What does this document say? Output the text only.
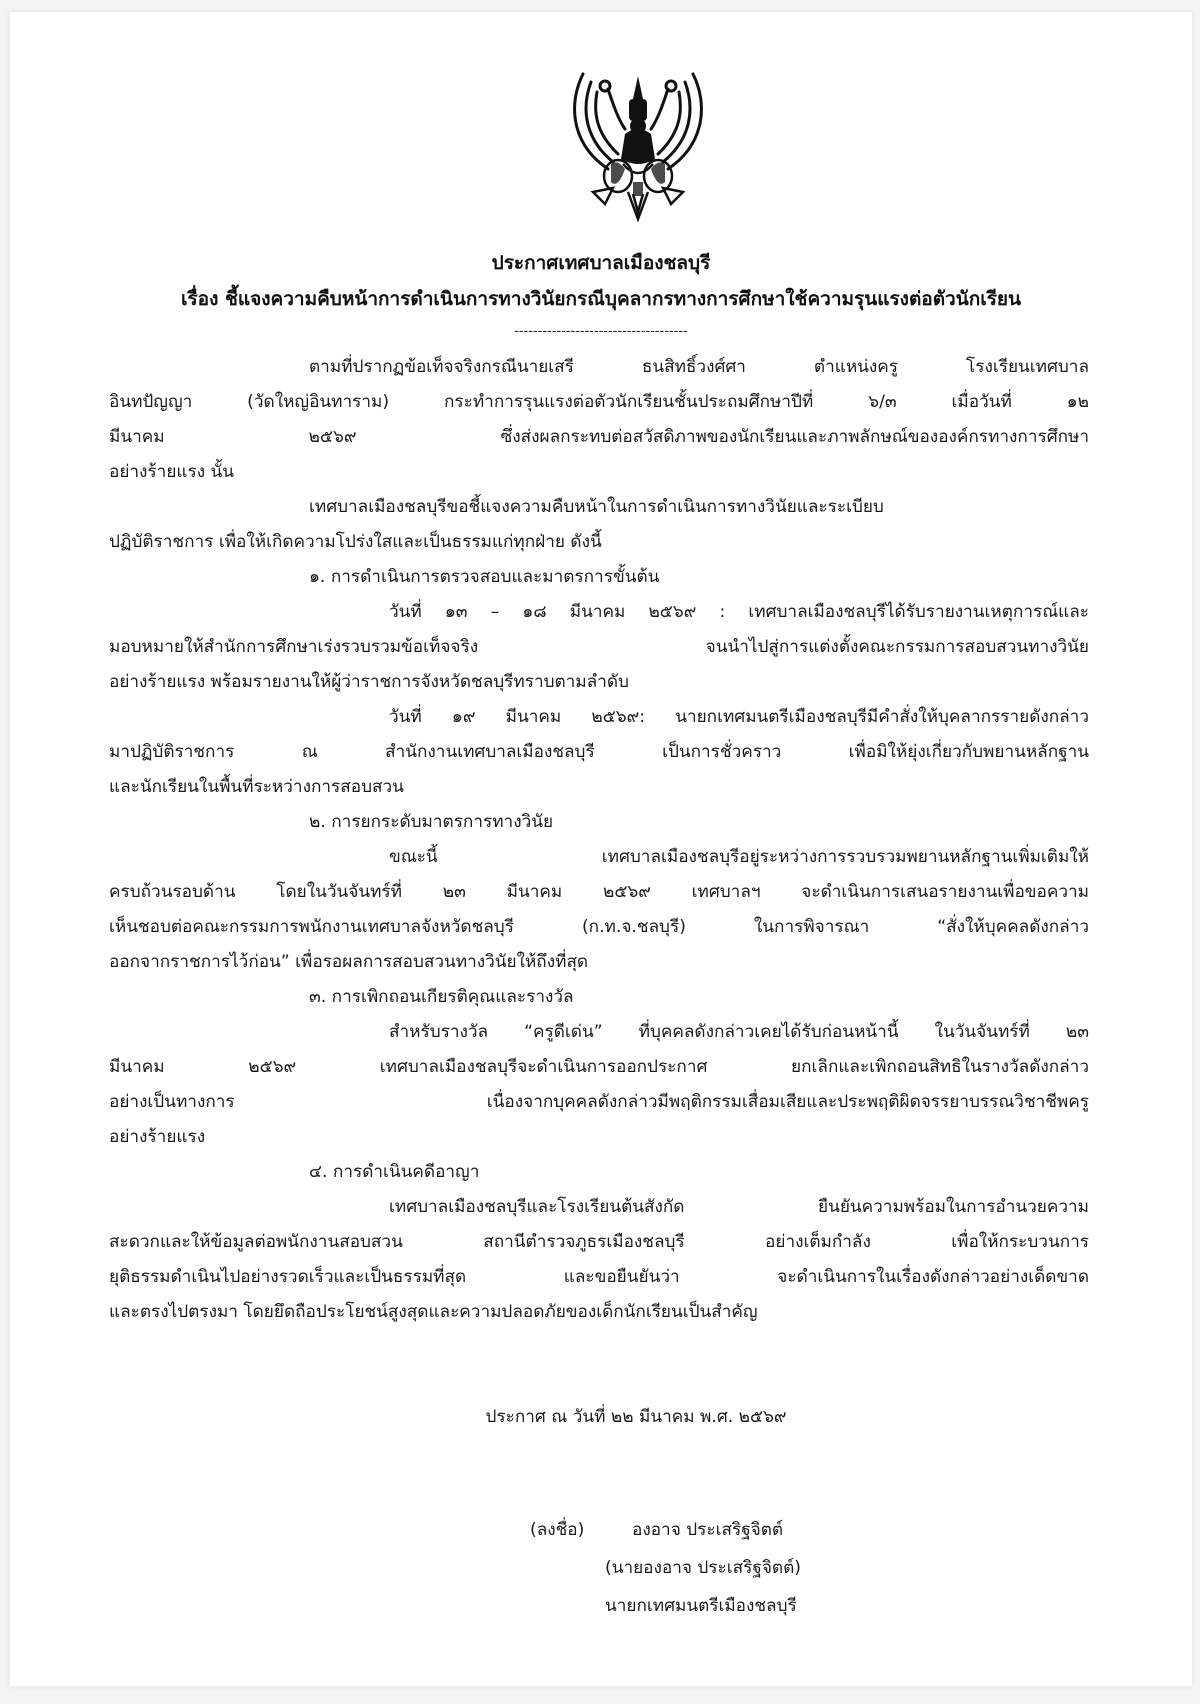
ประกาศเทศบาลเมืองชลบุรี
เรื่อง ชี้แจงความคืบหน้าการดำเนินการทางวินัยกรณีบุคลากรทางการศึกษาใช้ความรุนแรงต่อตัวนักเรียน
-------------------------------------
ตามที่ปรากฏข้อเท็จจริงกรณีนายเสรี ธนสิทธิ์วงศ์ศา ตำแหน่งครู โรงเรียนเทศบาล
อินทปัญญา (วัดใหญ่อินทาราม) กระทำการรุนแรงต่อตัวนักเรียนชั้นประถมศึกษาปีที่ ๖/๓ เมื่อวันที่ ๑๒
มีนาคม ๒๕๖๙ ซึ่งส่งผลกระทบต่อสวัสดิภาพของนักเรียนและภาพลักษณ์ขององค์กรทางการศึกษา
อย่างร้ายแรง นั้น
เทศบาลเมืองชลบุรีขอชี้แจงความคืบหน้าในการดำเนินการทางวินัยและระเบียบ
ปฏิบัติราชการ เพื่อให้เกิดความโปร่งใสและเป็นธรรมแก่ทุกฝ่าย ดังนี้
๑. การดำเนินการตรวจสอบและมาตรการขั้นต้น
วันที่ ๑๓ – ๑๘ มีนาคม ๒๕๖๙ : เทศบาลเมืองชลบุรีได้รับรายงานเหตุการณ์และ
มอบหมายให้สำนักการศึกษาเร่งรวบรวมข้อเท็จจริง จนนำไปสู่การแต่งตั้งคณะกรรมการสอบสวนทางวินัย
อย่างร้ายแรง พร้อมรายงานให้ผู้ว่าราชการจังหวัดชลบุรีทราบตามลำดับ
วันที่ ๑๙ มีนาคม ๒๕๖๙: นายกเทศมนตรีเมืองชลบุรีมีคำสั่งให้บุคลากรรายดังกล่าว
มาปฏิบัติราชการ ณ สำนักงานเทศบาลเมืองชลบุรี เป็นการชั่วคราว เพื่อมิให้ยุ่งเกี่ยวกับพยานหลักฐาน
และนักเรียนในพื้นที่ระหว่างการสอบสวน
๒. การยกระดับมาตรการทางวินัย
ขณะนี้ เทศบาลเมืองชลบุรีอยู่ระหว่างการรวบรวมพยานหลักฐานเพิ่มเติมให้
ครบถ้วนรอบด้าน โดยในวันจันทร์ที่ ๒๓ มีนาคม ๒๕๖๙ เทศบาลฯ จะดำเนินการเสนอรายงานเพื่อขอความ
เห็นชอบต่อคณะกรรมการพนักงานเทศบาลจังหวัดชลบุรี (ก.ท.จ.ชลบุรี) ในการพิจารณา “สั่งให้บุคคลดังกล่าว
ออกจากราชการไว้ก่อน” เพื่อรอผลการสอบสวนทางวินัยให้ถึงที่สุด
๓. การเพิกถอนเกียรติคุณและรางวัล
สำหรับรางวัล “ครูดีเด่น” ที่บุคคลดังกล่าวเคยได้รับก่อนหน้านี้ ในวันจันทร์ที่ ๒๓
มีนาคม ๒๕๖๙ เทศบาลเมืองชลบุรีจะดำเนินการออกประกาศ ยกเลิกและเพิกถอนสิทธิในรางวัลดังกล่าว
อย่างเป็นทางการ เนื่องจากบุคคลดังกล่าวมีพฤติกรรมเสื่อมเสียและประพฤติผิดจรรยาบรรณวิชาชีพครู
อย่างร้ายแรง
๔. การดำเนินคดีอาญา
เทศบาลเมืองชลบุรีและโรงเรียนต้นสังกัด ยืนยันความพร้อมในการอำนวยความ
สะดวกและให้ข้อมูลต่อพนักงานสอบสวน สถานีตำรวจภูธรเมืองชลบุรี อย่างเต็มกำลัง เพื่อให้กระบวนการ
ยุติธรรมดำเนินไปอย่างรวดเร็วและเป็นธรรมที่สุด และขอยืนยันว่า จะดำเนินการในเรื่องดังกล่าวอย่างเด็ดขาด
และตรงไปตรงมา โดยยึดถือประโยชน์สูงสุดและความปลอดภัยของเด็กนักเรียนเป็นสำคัญ
ประกาศ ณ วันที่ ๒๒ มีนาคม พ.ศ. ๒๕๖๙
(ลงชื่อ)	องอาจ ประเสริฐจิตต์
(นายองอาจ ประเสริฐจิตต์)
นายกเทศมนตรีเมืองชลบุรี
